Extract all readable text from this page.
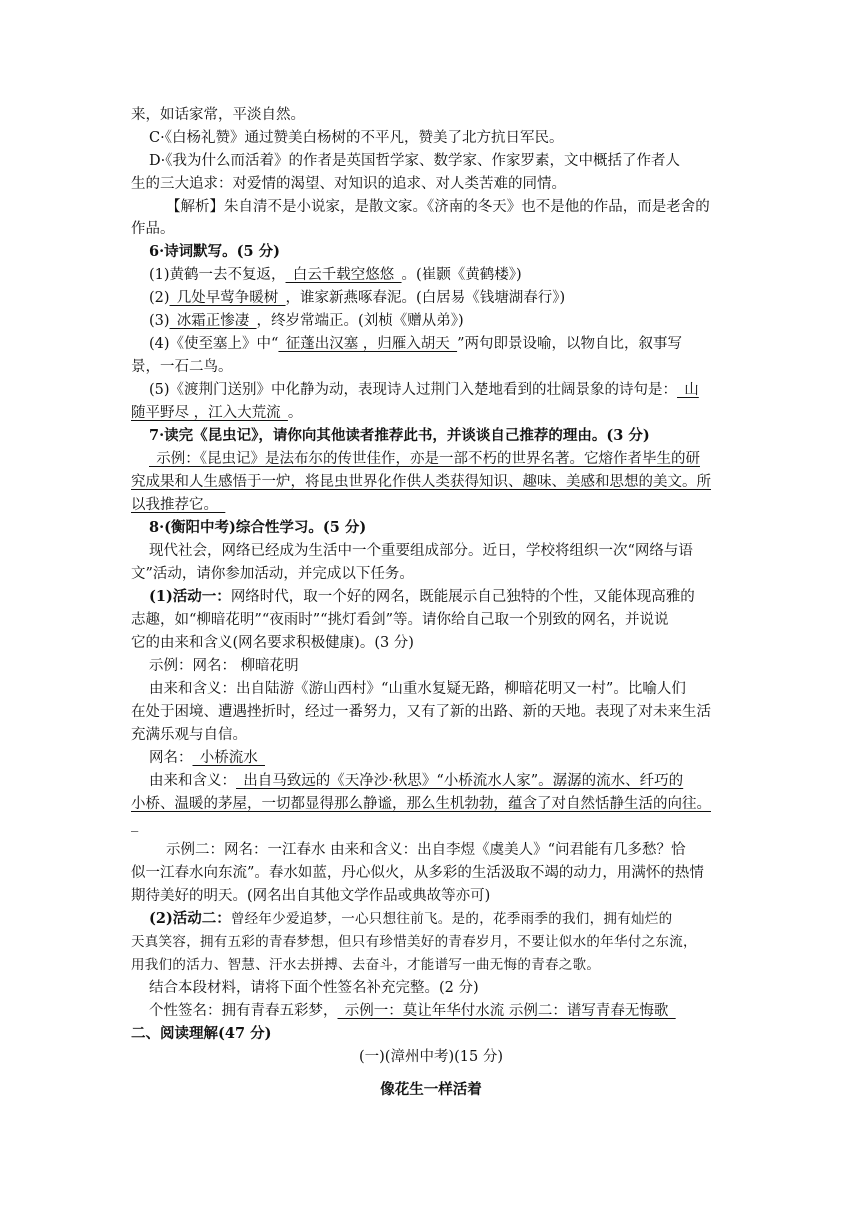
来，如话家常，平淡自然。
C·《白杨礼赞》通过赞美白杨树的不平凡，赞美了北方抗日军民。
D·《我为什么而活着》的作者是英国哲学家、数学家、作家罗素，文中概括了作者人
生的三大追求：对爱情的渴望、对知识的追求、对人类苦难的同情。
【解析】朱自清不是小说家，是散文家。《济南的冬天》也不是他的作品，而是老舍的
作品。
6·诗词默写。(5 分)
(1)黄鹤一去不复返，_白云千载空悠悠_。(崔颢《黄鹤楼》)
(2)_几处早莺争暖树_，谁家新燕啄春泥。(白居易《钱塘湖春行》)
(3)_冰霜正惨凄_，终岁常端正。(刘桢《赠从弟》)
(4)《使至塞上》中“_征蓬出汉塞 ，归雁入胡天_”两句即景设喻，以物自比，叙事写
景，一石二鸟。
(5)《渡荆门送别》中化静为动，表现诗人过荆门入楚地看到的壮阔景象的诗句是：_山
随平野尽 ，江入大荒流_。
7·读完《昆虫记》，请你向其他读者推荐此书，并谈谈自己推荐的理由。(3 分)
_示例：《昆虫记》是法布尔的传世佳作，亦是一部不朽的世界名著。它熔作者毕生的研
究成果和人生感悟于一炉，将昆虫世界化作供人类获得知识、趣味、美感和思想的美文。所
以我推荐它。_
8·(衡阳中考)综合性学习。(5 分)
现代社会，网络已经成为生活中一个重要组成部分。近日，学校将组织一次“网络与语
文”活动，请你参加活动，并完成以下任务。
(1)活动一：网络时代，取一个好的网名，既能展示自己独特的个性，又能体现高雅的
志趣，如“柳暗花明”“夜雨时”“挑灯看剑”等。请你给自己取一个别致的网名，并说说
它的由来和含义(网名要求积极健康)。(3 分)
示例：网名： 柳暗花明
由来和含义：出自陆游《游山西村》“山重水复疑无路，柳暗花明又一村”。比喻人们
在处于困境、遭遇挫折时，经过一番努力，又有了新的出路、新的天地。表现了对未来生活
充满乐观与自信。
网名：_小桥流水_
由来和含义：_出自马致远的《天净沙·秋思》“小桥流水人家”。潺潺的流水、纤巧的
小桥、温暖的茅屋，一切都显得那么静谧，那么生机勃勃，蕴含了对自然恬静生活的向往。
_
示例二：网名：一江春水 由来和含义：出自李煜《虞美人》“问君能有几多愁？恰
似一江春水向东流”。春水如蓝，丹心似火，从多彩的生活汲取不竭的动力，用满怀的热情
期待美好的明天。(网名出自其他文学作品或典故等亦可)
(2)活动二：曾经年少爱追梦，一心只想往前飞。是的，花季雨季的我们，拥有灿烂的
天真笑容，拥有五彩的青春梦想，但只有珍惜美好的青春岁月，不要让似水的年华付之东流，
用我们的活力、智慧、汗水去拼搏、去奋斗，才能谱写一曲无悔的青春之歌。
结合本段材料，请将下面个性签名补充完整。(2 分)
个性签名：拥有青春五彩梦，_示例一：莫让年华付水流 示例二：谱写青春无悔歌_
二、阅读理解(47 分)
(一)(漳州中考)(15 分)
像花生一样活着
